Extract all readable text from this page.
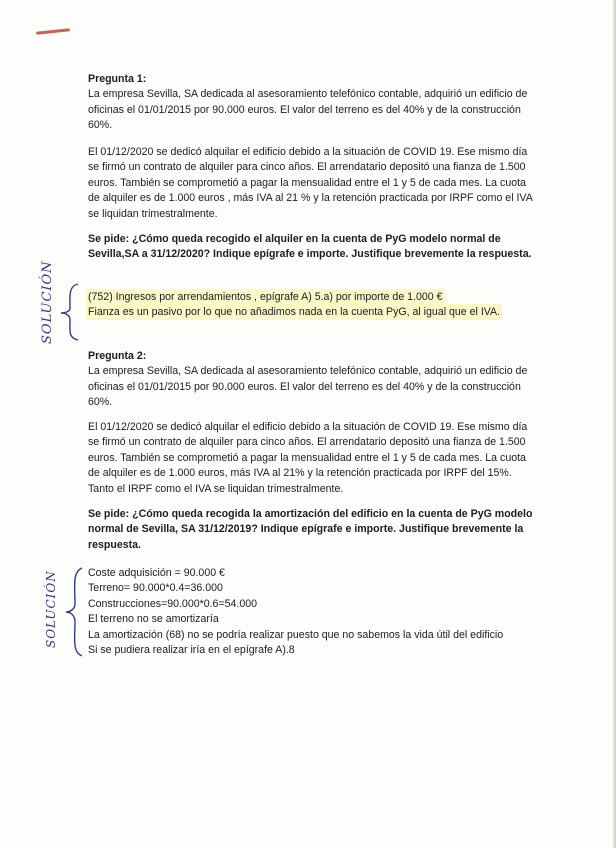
Pregunta 1:

La empresa Sevilla, SA dedicada al asesoramiento telefónico contable, adquirió un edificio de oficinas el 01/01/2015 por 90.000 euros. El valor del terreno es del 40% y de la construcción 60%.

El 01/12/2020 se dedicó alquilar el edificio debido a la situación de COVID 19. Ese mismo día se firmó un contrato de alquiler para cinco años. El arrendatario depositó una fianza de 1.500 euros. También se comprometió a pagar la mensualidad entre el 1 y 5 de cada mes. La cuota de alquiler es de 1.000 euros , más IVA al 21 % y la retención practicada por IRPF como el IVA se liquidan trimestralmente.

Se pide: ¿Cómo queda recogido el alquiler en la cuenta de PyG modelo normal de Sevilla,SA a 31/12/2020? Indique epígrafe e importe. Justifique brevemente la respuesta.

(752) Ingresos por arrendamientos , epígrafe A) 5.a) por importe de 1.000 €

Fianza es un pasivo por lo que no añadimos nada en la cuenta PyG, al igual que el IVA.

Pregunta 2:

La empresa Sevilla, SA dedicada al asesoramiento telefónico contable, adquirió un edificio de oficinas el 01/01/2015 por 90.000 euros. El valor del terreno es del 40% y de la construcción 60%.

El 01/12/2020 se dedicó alquilar el edificio debido a la situación de COVID 19. Ese mismo día se firmó un contrato de alquiler para cinco años. El arrendatario depositó una fianza de 1.500 euros. También se comprometió a pagar la mensualidad entre el 1 y 5 de cada mes. La cuota de alquiler es de 1.000 euros, más IVA al 21% y la retención practicada por IRPF del 15%. Tanto el IRPF como el IVA se liquidan trimestralmente.

Se pide: ¿Cómo queda recogida la amortización del edificio en la cuenta de PyG modelo normal de Sevilla, SA 31/12/2019? Indique epígrafe e importe. Justifique brevemente la respuesta.

Coste adquisición = 90.000 €

Terreno= 90.000*0.4=36.000

Construcciones=90.000*0.6=54.000

El terreno no se amortizaría

La amortización (68) no se podría realizar puesto que no sabemos la vida útil del edificio

Si se pudiera realizar iría en el epígrafe A).8

SOLUCIÓN
SOLUCIÓN
